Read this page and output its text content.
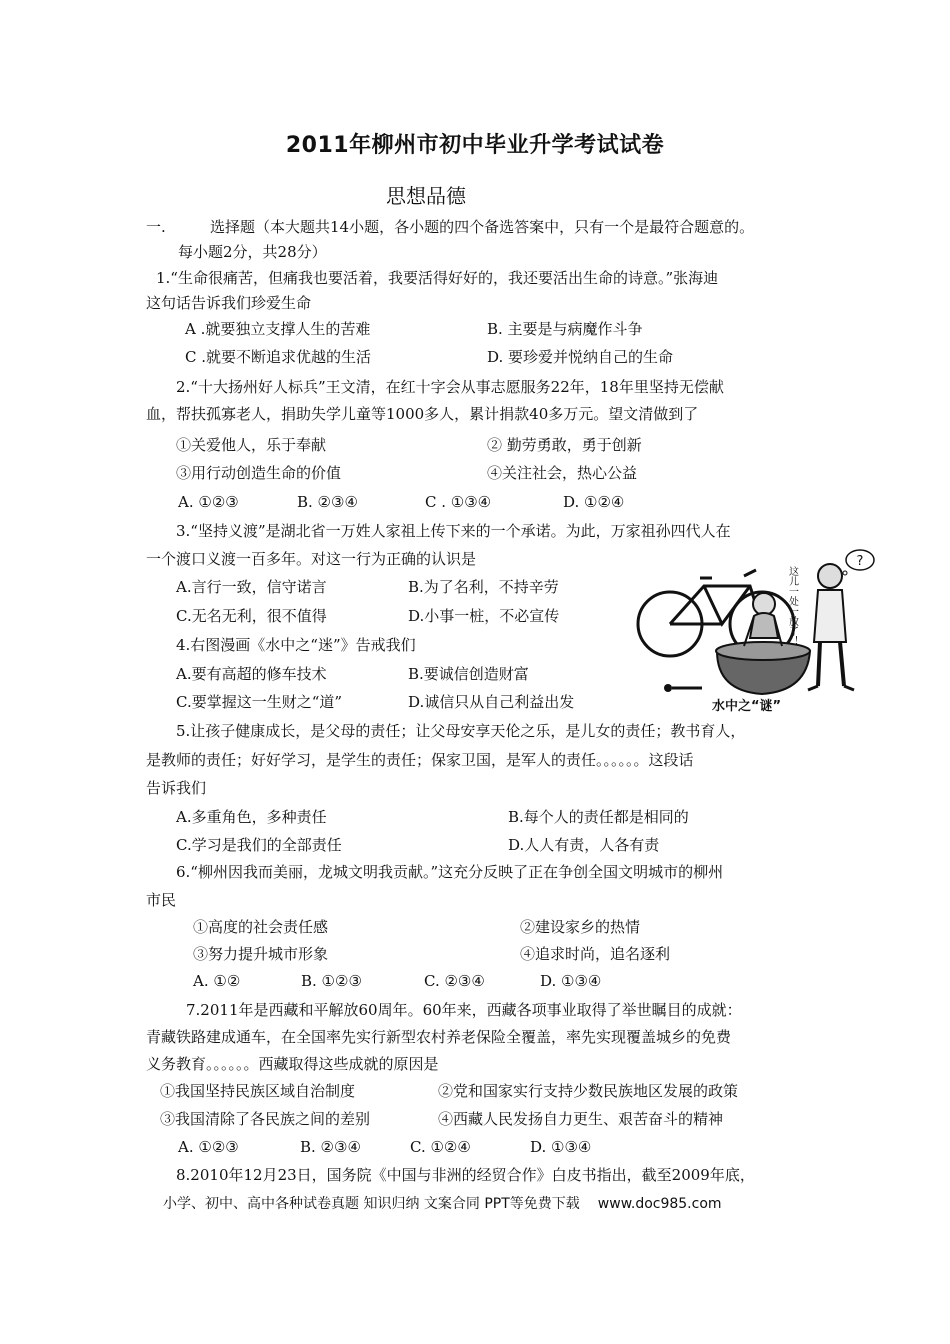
2011年柳州市初中毕业升学考试试卷
思想品德
一.	选择题（本大题共14小题，各小题的四个备选答案中，只有一个是最符合题意的。
每小题2分，共28分）
1.“生命很痛苦，但痛我也要活着，我要活得好好的，我还要活出生命的诗意。”张海迪
这句话告诉我们珍爱生命
A .就要独立支撑人生的苦难	B. 主要是与病魔作斗争
C .就要不断追求优越的生活	D. 要珍爱并悦纳自己的生命
2.“十大扬州好人标兵”王文清，在红十字会从事志愿服务22年，18年里坚持无偿献
血，帮扶孤寡老人，捐助失学儿童等1000多人，累计捐款40多万元。望文清做到了
①关爱他人，乐于奉献	② 勤劳勇敢，勇于创新
③用行动创造生命的价值	④关注社会，热心公益
A. ①②③	B. ②③④	C . ①③④	D. ①②④
3.“坚持义渡”是湖北省一万姓人家祖上传下来的一个承诺。为此，万家祖孙四代人在
一个渡口义渡一百多年。对这一行为正确的认识是
A.言行一致，信守诺言	B.为了名利，不持辛劳
C.无名无利，很不值得	D.小事一桩，不必宣传
4.右图漫画《水中之“迷”》告戒我们
A.要有高超的修车技术	B.要诚信创造财富
C.要掌握这一生财之“道”	D.诚信只从自己利益出发
?
这儿一处一放了！
水中之“谜”
5.让孩子健康成长，是父母的责任；让父母安享天伦之乐，是儿女的责任；教书育人，
是教师的责任；好好学习，是学生的责任；保家卫国，是军人的责任。。。。。。这段话
告诉我们
A.多重角色，多种责任	B.每个人的责任都是相同的
C.学习是我们的全部责任	D.人人有责，人各有责
6.“柳州因我而美丽，龙城文明我贡献。”这充分反映了正在争创全国文明城市的柳州
市民
①高度的社会责任感	②建设家乡的热情
③努力提升城市形象	④追求时尚，追名逐利
A. ①②	B. ①②③	C. ②③④	D. ①③④
7.2011年是西藏和平解放60周年。60年来，西藏各项事业取得了举世瞩目的成就：
青藏铁路建成通车，在全国率先实行新型农村养老保险全覆盖，率先实现覆盖城乡的免费
义务教育。。。。。。西藏取得这些成就的原因是
①我国坚持民族区域自治制度	②党和国家实行支持少数民族地区发展的政策
③我国清除了各民族之间的差别	④西藏人民发扬自力更生、艰苦奋斗的精神
A. ①②③	B. ②③④	C. ①②④	D. ①③④
8.2010年12月23日，国务院《中国与非洲的经贸合作》白皮书指出，截至2009年底，
小学、初中、高中各种试卷真题 知识归纳 文案合同 PPT等免费下载 www.doc985.com
